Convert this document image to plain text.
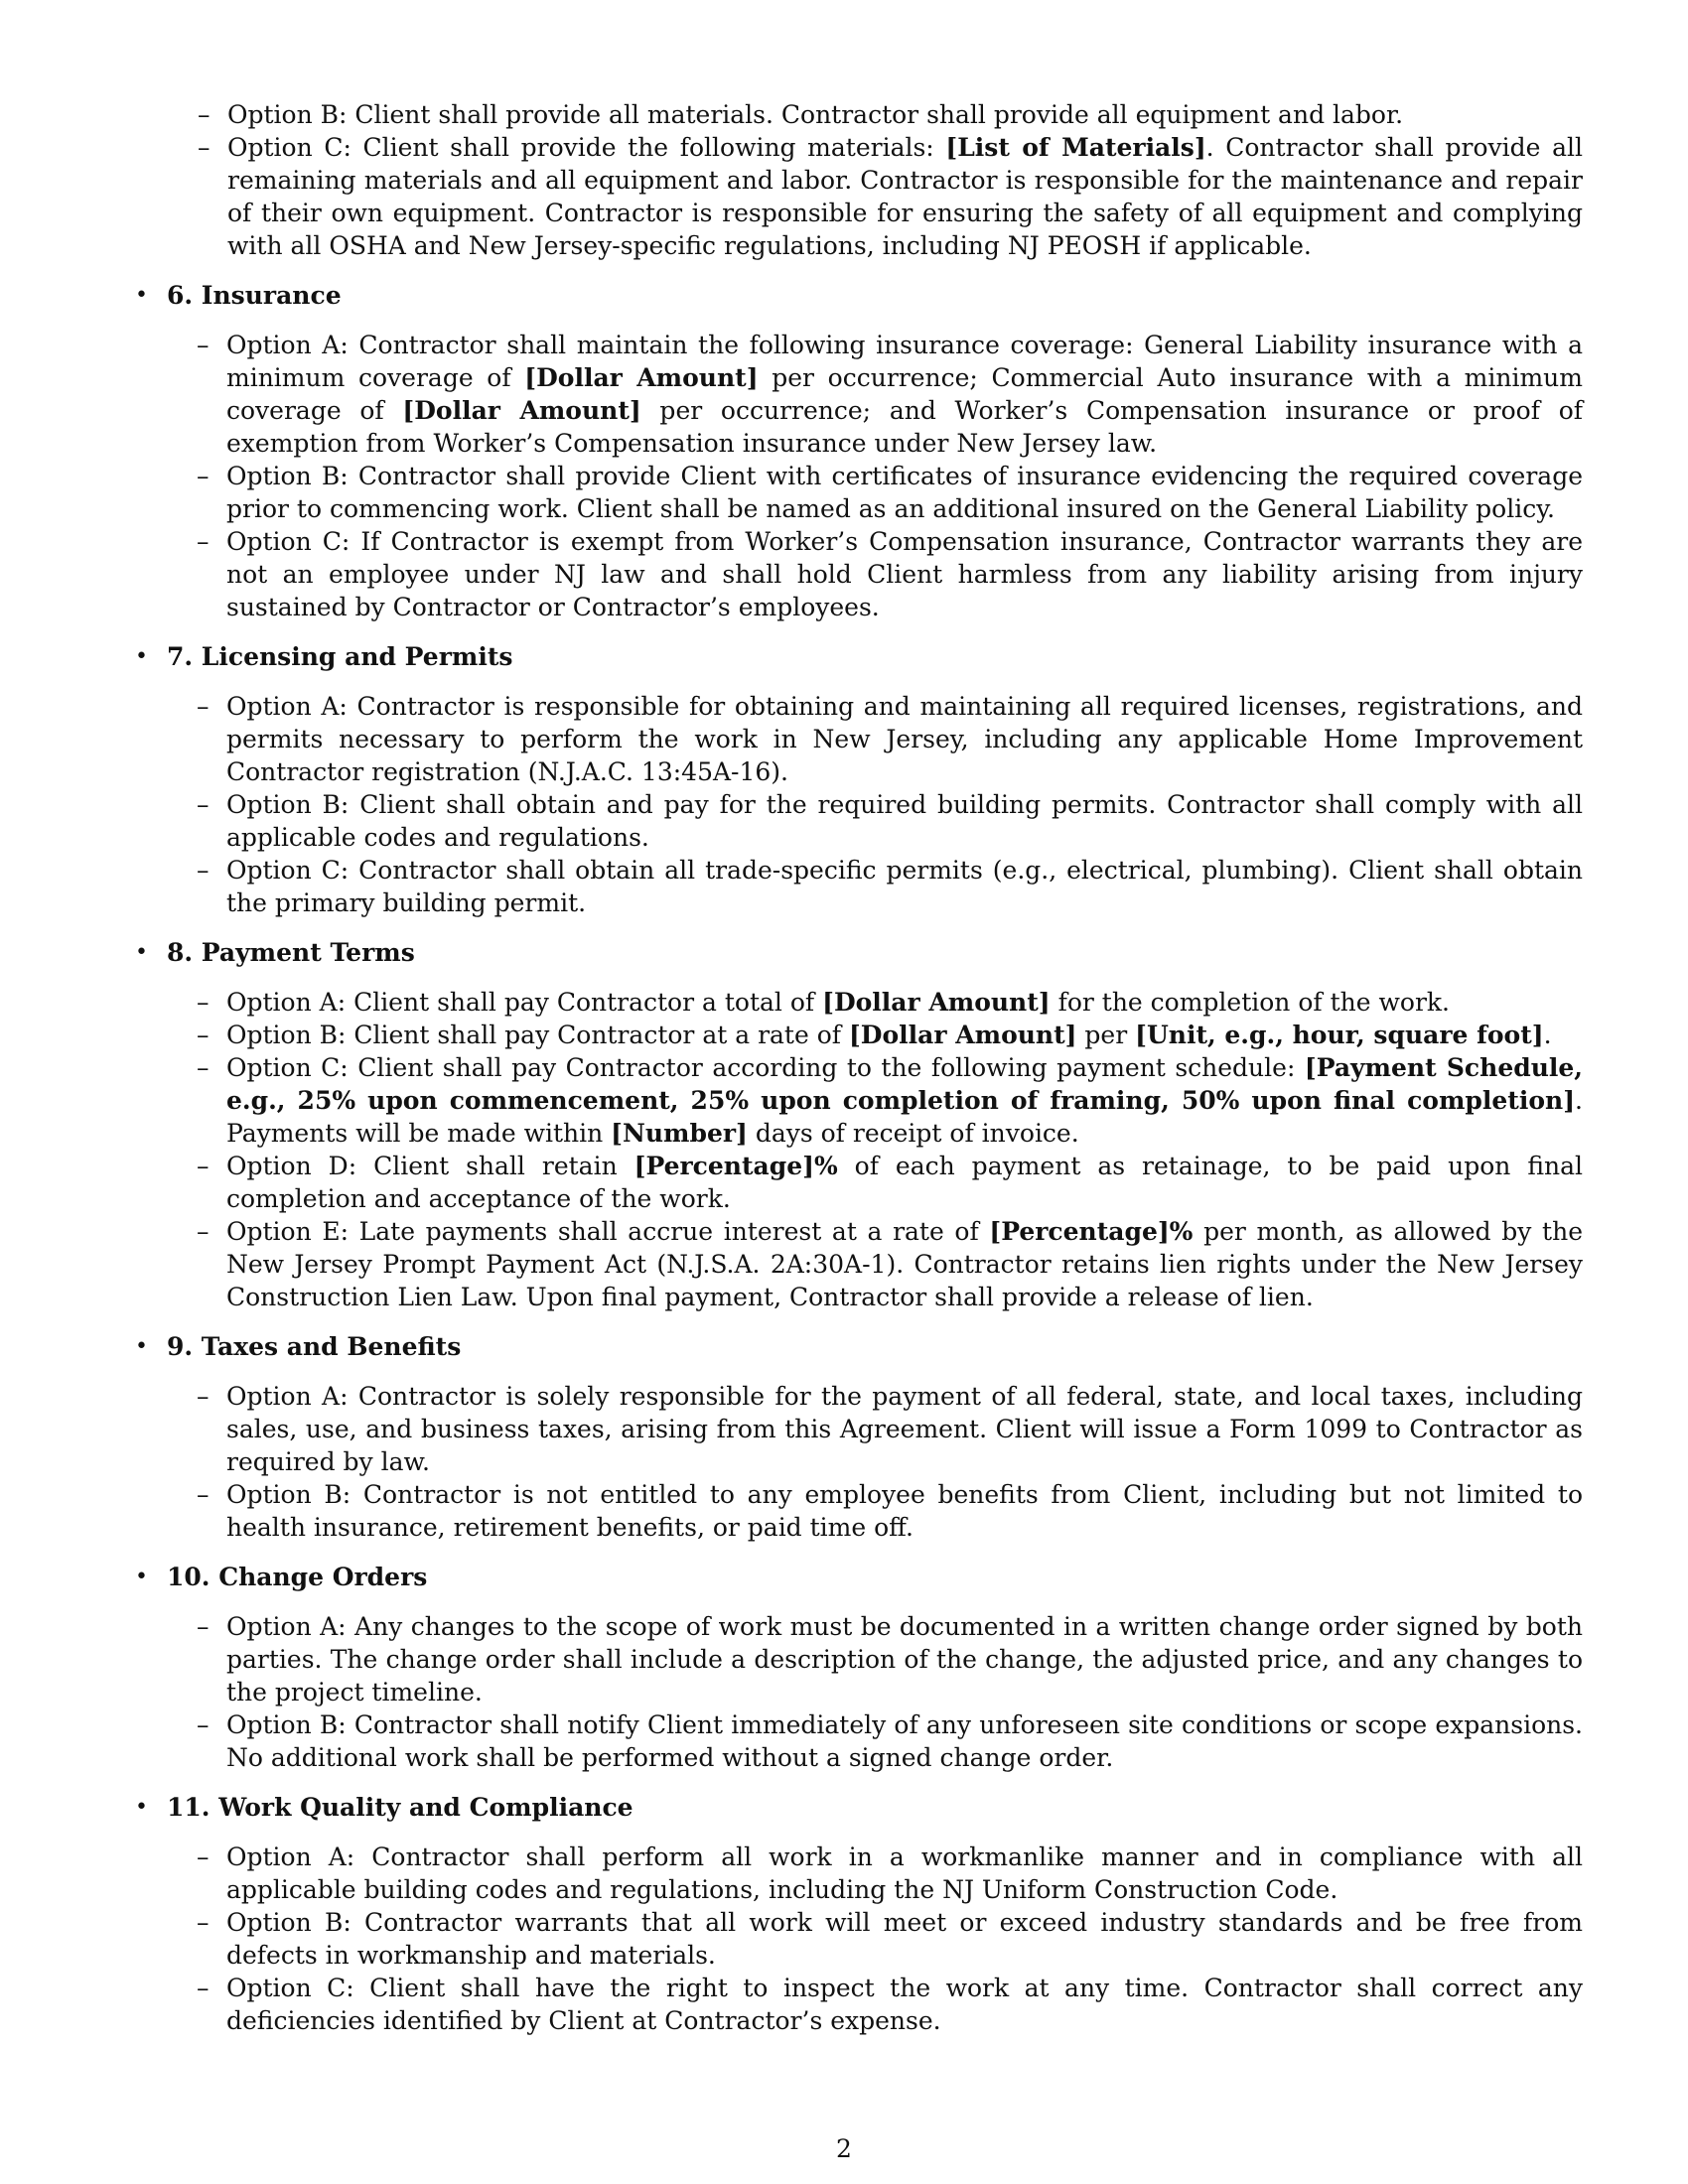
– Option B: Client shall provide all materials. Contractor shall provide all equipment and labor.
– Option C: Client shall provide the following materials: [List of Materials]. Contractor shall provide all remaining materials and all equipment and labor. Contractor is responsible for the maintenance and repair of their own equipment. Contractor is responsible for ensuring the safety of all equipment and complying with all OSHA and New Jersey-specific regulations, including NJ PEOSH if applicable.
• 6. Insurance
– Option A: Contractor shall maintain the following insurance coverage: General Liability insurance with a minimum coverage of [Dollar Amount] per occurrence; Commercial Auto insurance with a minimum coverage of [Dollar Amount] per occurrence; and Worker’s Compensation insurance or proof of exemption from Worker’s Compensation insurance under New Jersey law.
– Option B: Contractor shall provide Client with certificates of insurance evidencing the required coverage prior to commencing work. Client shall be named as an additional insured on the General Liability policy.
– Option C: If Contractor is exempt from Worker’s Compensation insurance, Contractor warrants they are not an employee under NJ law and shall hold Client harmless from any liability arising from injury sustained by Contractor or Contractor’s employees.
• 7. Licensing and Permits
– Option A: Contractor is responsible for obtaining and maintaining all required licenses, registrations, and permits necessary to perform the work in New Jersey, including any applicable Home Improvement Contractor registration (N.J.A.C. 13:45A-16).
– Option B: Client shall obtain and pay for the required building permits. Contractor shall comply with all applicable codes and regulations.
– Option C: Contractor shall obtain all trade-specific permits (e.g., electrical, plumbing). Client shall obtain the primary building permit.
• 8. Payment Terms
– Option A: Client shall pay Contractor a total of [Dollar Amount] for the completion of the work.
– Option B: Client shall pay Contractor at a rate of [Dollar Amount] per [Unit, e.g., hour, square foot].
– Option C: Client shall pay Contractor according to the following payment schedule: [Payment Schedule, e.g., 25% upon commencement, 25% upon completion of framing, 50% upon final completion]. Payments will be made within [Number] days of receipt of invoice.
– Option D: Client shall retain [Percentage]% of each payment as retainage, to be paid upon final completion and acceptance of the work.
– Option E: Late payments shall accrue interest at a rate of [Percentage]% per month, as allowed by the New Jersey Prompt Payment Act (N.J.S.A. 2A:30A-1). Contractor retains lien rights under the New Jersey Construction Lien Law. Upon final payment, Contractor shall provide a release of lien.
• 9. Taxes and Benefits
– Option A: Contractor is solely responsible for the payment of all federal, state, and local taxes, including sales, use, and business taxes, arising from this Agreement. Client will issue a Form 1099 to Contractor as required by law.
– Option B: Contractor is not entitled to any employee benefits from Client, including but not limited to health insurance, retirement benefits, or paid time off.
• 10. Change Orders
– Option A: Any changes to the scope of work must be documented in a written change order signed by both parties. The change order shall include a description of the change, the adjusted price, and any changes to the project timeline.
– Option B: Contractor shall notify Client immediately of any unforeseen site conditions or scope expansions. No additional work shall be performed without a signed change order.
• 11. Work Quality and Compliance
– Option A: Contractor shall perform all work in a workmanlike manner and in compliance with all applicable building codes and regulations, including the NJ Uniform Construction Code.
– Option B: Contractor warrants that all work will meet or exceed industry standards and be free from defects in workmanship and materials.
– Option C: Client shall have the right to inspect the work at any time. Contractor shall correct any deficiencies identified by Client at Contractor’s expense.
2
